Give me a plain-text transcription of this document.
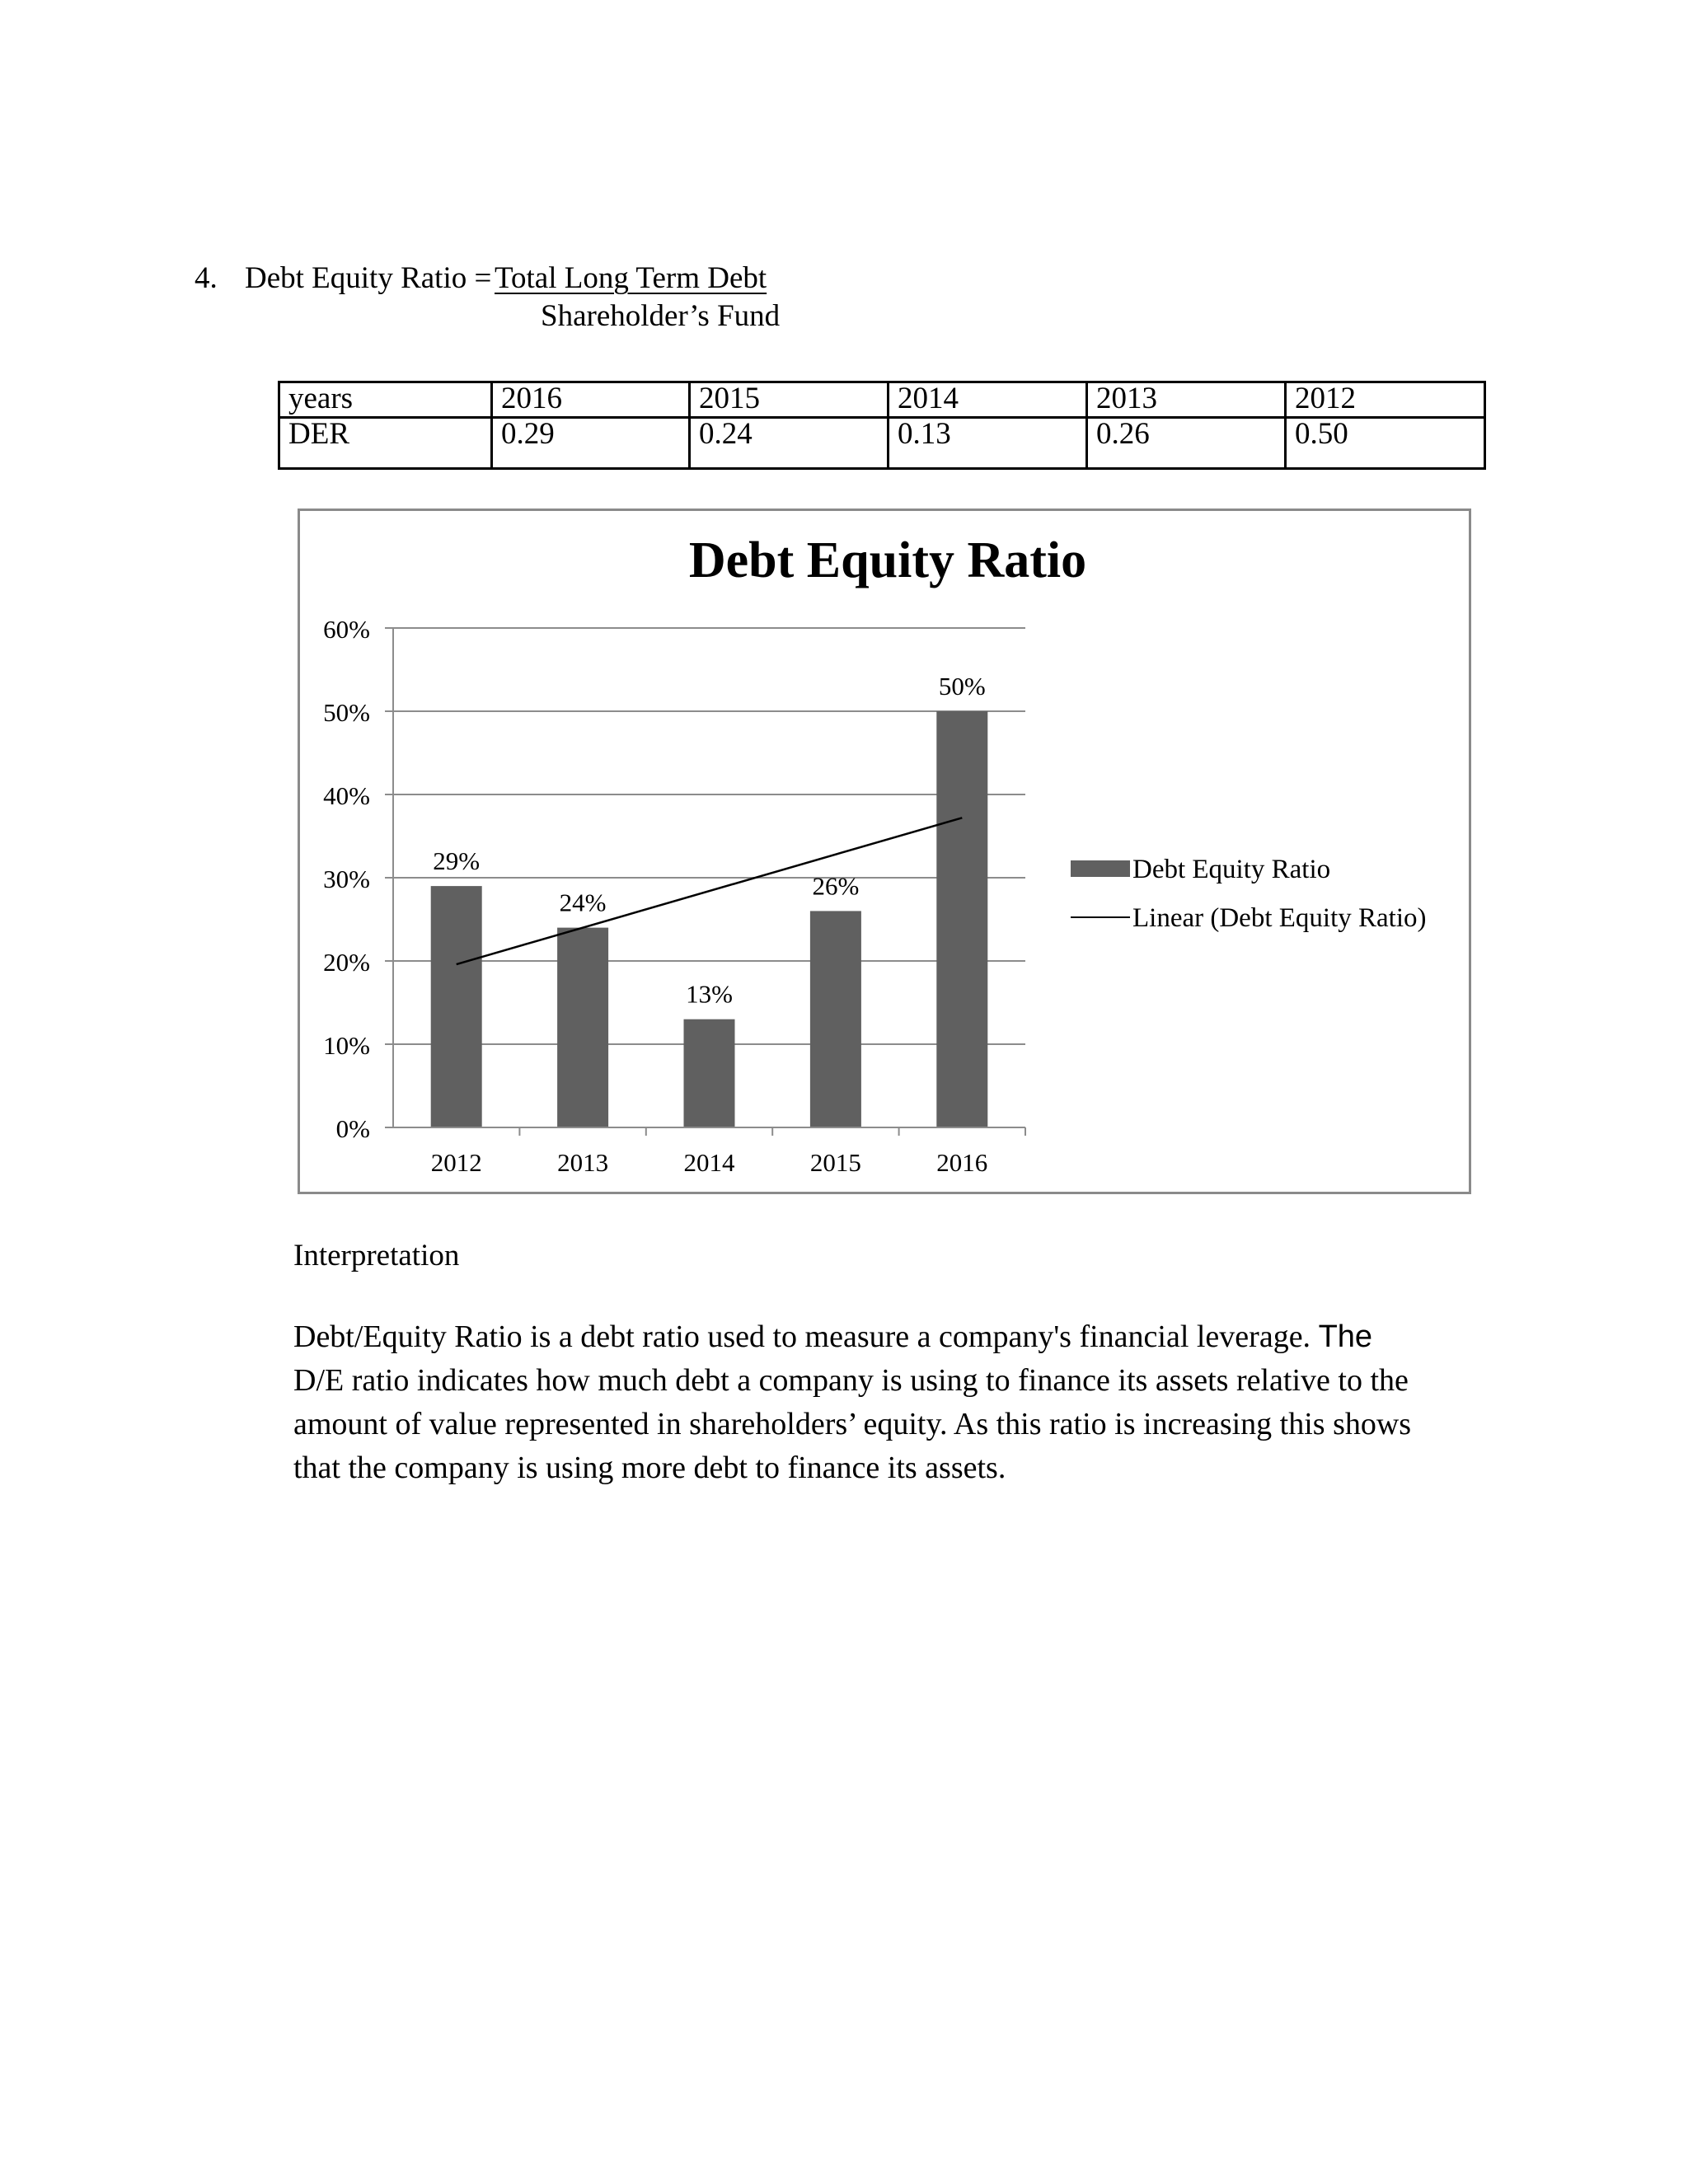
4. Debt Equity Ratio = Total Long Term Debt
Shareholder’s Fund
years	2016	2015	2014	2013	2012
DER	0.29	0.24	0.13	0.26	0.50
Debt Equity Ratio
29%
24%
13%
26%
50%
0%
10%
20%
30%
40%
50%
60%
2012	2013	2014	2015	2016
Debt Equity Ratio
Linear (Debt Equity Ratio)
Interpretation
Debt/Equity Ratio is a debt ratio used to measure a company's financial leverage. The
D/E ratio indicates how much debt a company is using to finance its assets relative to the
amount of value represented in shareholders’ equity. As this ratio is increasing this shows
that the company is using more debt to finance its assets.
